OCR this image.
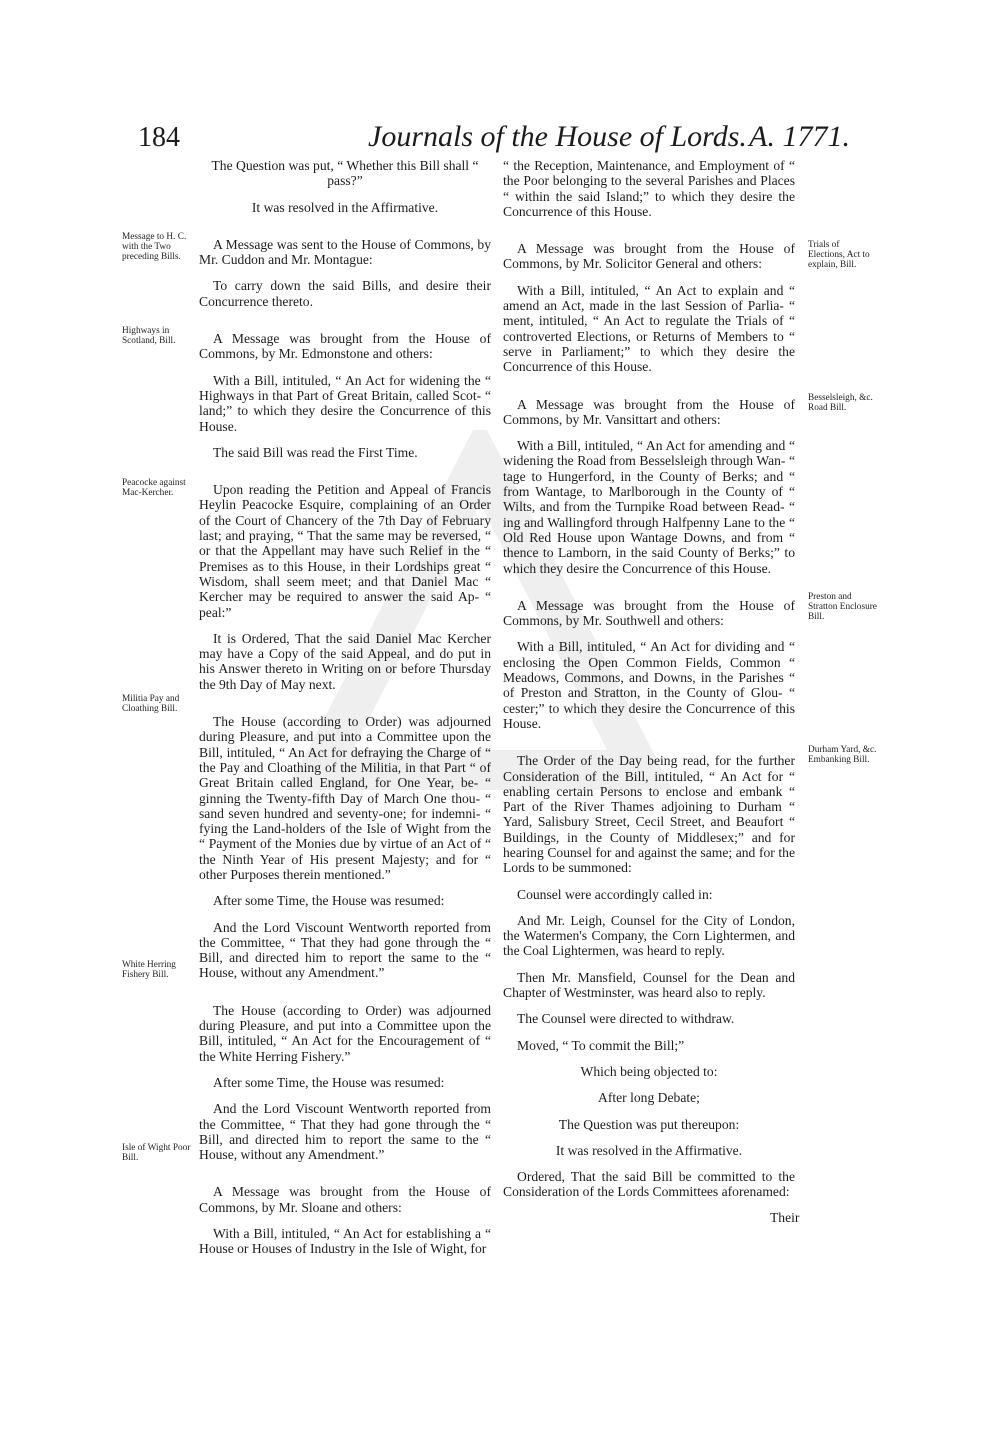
184	Journals of the House of Lords. A. 1771.

The Question was put, “ Whether this Bill shall “ pass?”

It was resolved in the Affirmative.

A Message was sent to the House of Commons, by Mr. Cuddon and Mr. Montague:

To carry down the said Bills, and desire their Concurrence thereto.

A Message was brought from the House of Commons, by Mr. Edmonstone and others:

With a Bill, intituled, “ An Act for widening the “ Highways in that Part of Great Britain, called Scot- “ land;” to which they desire the Concurrence of this House.

The said Bill was read the First Time.

Upon reading the Petition and Appeal of Francis Heylin Peacocke Esquire, complaining of an Order of the Court of Chancery of the 7th Day of February last; and praying, “ That the same may be reversed, “ or that the Appellant may have such Relief in the “ Premises as to this House, in their Lordships great “ Wisdom, shall seem meet; and that Daniel Mac “ Kercher may be required to answer the said Ap- “ peal:”

It is Ordered, That the said Daniel Mac Kercher may have a Copy of the said Appeal, and do put in his Answer thereto in Writing on or before Thursday the 9th Day of May next.

The House (according to Order) was adjourned during Pleasure, and put into a Committee upon the Bill, intituled, “ An Act for defraying the Charge of “ the Pay and Cloathing of the Militia, in that Part “ of Great Britain called England, for One Year, be- “ ginning the Twenty-fifth Day of March One thou- “ sand seven hundred and seventy-one; for indemni- “ fying the Land-holders of the Isle of Wight from the “ Payment of the Monies due by virtue of an Act of “ the Ninth Year of His present Majesty; and for “ other Purposes therein mentioned.”

After some Time, the House was resumed:

And the Lord Viscount Wentworth reported from the Committee, “ That they had gone through the “ Bill, and directed him to report the same to the “ House, without any Amendment.”

The House (according to Order) was adjourned during Pleasure, and put into a Committee upon the Bill, intituled, “ An Act for the Encouragement of “ the White Herring Fishery.”

After some Time, the House was resumed:

And the Lord Viscount Wentworth reported from the Committee, “ That they had gone through the “ Bill, and directed him to report the same to the “ House, without any Amendment.”

A Message was brought from the House of Commons, by Mr. Sloane and others:

With a Bill, intituled, “ An Act for establishing a “ House or Houses of Industry in the Isle of Wight, for

“ the Reception, Maintenance, and Employment of “ the Poor belonging to the several Parishes and Places “ within the said Island;” to which they desire the Concurrence of this House.

A Message was brought from the House of Commons, by Mr. Solicitor General and others:

With a Bill, intituled, “ An Act to explain and “ amend an Act, made in the last Session of Parlia- “ ment, intituled, “ An Act to regulate the Trials of “ controverted Elections, or Returns of Members to “ serve in Parliament;” to which they desire the Concurrence of this House.

A Message was brought from the House of Commons, by Mr. Vansittart and others:

With a Bill, intituled, “ An Act for amending and “ widening the Road from Besselsleigh through Wan- “ tage to Hungerford, in the County of Berks; and “ from Wantage, to Marlborough in the County of “ Wilts, and from the Turnpike Road between Read- “ ing and Wallingford through Halfpenny Lane to the “ Old Red House upon Wantage Downs, and from “ thence to Lamborn, in the said County of Berks;” to which they desire the Concurrence of this House.

A Message was brought from the House of Commons, by Mr. Southwell and others:

With a Bill, intituled, “ An Act for dividing and “ enclosing the Open Common Fields, Common “ Meadows, Commons, and Downs, in the Parishes “ of Preston and Stratton, in the County of Glou- “ cester;” to which they desire the Concurrence of this House.

The Order of the Day being read, for the further Consideration of the Bill, intituled, “ An Act for “ enabling certain Persons to enclose and embank “ Part of the River Thames adjoining to Durham “ Yard, Salisbury Street, Cecil Street, and Beaufort “ Buildings, in the County of Middlesex;” and for hearing Counsel for and against the same; and for the Lords to be summoned:

Counsel were accordingly called in:

And Mr. Leigh, Counsel for the City of London, the Watermen's Company, the Corn Lightermen, and the Coal Lightermen, was heard to reply.

Then Mr. Mansfield, Counsel for the Dean and Chapter of Westminster, was heard also to reply.

The Counsel were directed to withdraw.

Moved, “ To commit the Bill;”

Which being objected to:

After long Debate;

The Question was put thereupon:

It was resolved in the Affirmative.

Ordered, That the said Bill be committed to the Consideration of the Lords Committees aforenamed:

Message to H. C. with the Two preceding Bills.
Highways in Scotland, Bill.
Peacocke against Mac-Kercher.
Militia Pay and Cloathing Bill.
White Herring Fishery Bill.
Isle of Wight Poor Bill.
Trials of Elections, Act to explain, Bill.
Besselsleigh, &c. Road Bill.
Preston and Stratton Enclosure Bill.
Durham Yard, &c. Embanking Bill.
Their
